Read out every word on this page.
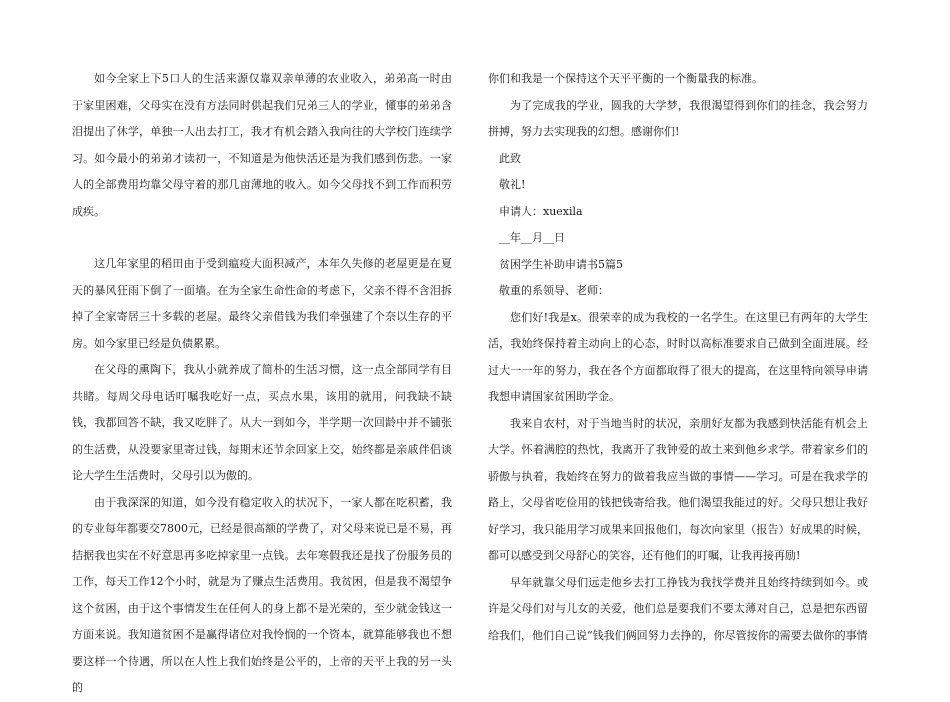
如今全家上下5口人的生活来源仅靠双亲单薄的农业收入，弟弟高一时由于家里困难，父母实在没有方法同时供起我们兄弟三人的学业，懂事的弟弟含泪提出了休学，单独一人出去打工，我才有机会踏入我向往的大学校门连续学习。如今最小的弟弟才读初一，不知道是为他快活还是为我们感到伤悲。一家人的全部费用均靠父母守着的那几亩薄地的收入。如今父母找不到工作而积劳成疾。

这几年家里的稻田由于受到瘟疫大面积减产，本年久失修的老屋更是在夏天的暴风狂雨下倒了一面墙。在为全家生命性命的考虑下，父亲不得不含泪拆掉了全家寄居三十多载的老屋。最终父亲借钱为我们牵强建了个奈以生存的平房。如今家里已经是负债累累。

在父母的熏陶下，我从小就养成了简朴的生活习惯，这一点全部同学有目共睹。每周父母电话叮嘱我吃好一点，买点水果，该用的就用，问我缺不缺钱，我都回答不缺，我又吃胖了。从大一到如今，半学期一次回龄中并不铺张的生活费，从没要家里寄过钱，每期末还节余回家上交，始终都是亲戚伴侣谈论大学生生活费时，父母引以为傲的。

由于我深深的知道，如今没有稳定收入的状况下，一家人都在吃积蓄，我的专业每年都要交7800元，已经是很高额的学费了，对父母来说已是不易，再拮据我也实在不好意思再多吃掉家里一点钱。去年寒假我还是找了份服务员的工作，每天工作12个小时，就是为了赚点生活费用。我贫困，但是我不渴望争这个贫困，由于这个事情发生在任何人的身上都不是光荣的，至少就金钱这一方面来说。我知道贫困不是赢得诸位对我怜悯的一个资本，就算能够我也不想要这样一个待遇，所以在人性上我们始终是公平的，上帝的天平上我的另一头的

你们和我是一个保持这个天平平衡的一个衡量我的标准。

为了完成我的学业，圆我的大学梦，我很渴望得到你们的挂念，我会努力拼搏，努力去实现我的幻想。感谢你们!

此致

敬礼!

申请人：xuexila

__年__月__日

贫困学生补助申请书5篇5

敬重的系领导、老师：

您们好!我是x。很荣幸的成为我校的一名学生。在这里已有两年的大学生活，我始终保持着主动向上的心态，时时以高标准要求自己做到全面进展。经过大一一年的努力，我在各个方面都取得了很大的提高，在这里特向领导申请我想申请国家贫困助学金。

我来自农村，对于当地当时的状况，亲朋好友都为我感到快活能有机会上大学。怀着满腔的热忱，我离开了我钟爱的故土来到他乡求学。带着家乡们的骄傲与执着，我始终在努力的做着我应当做的事情——学习。可是在我求学的路上，父母省吃俭用的钱把钱寄给我。他们渴望我能过的好。父母只想让我好好学习，我只能用学习成果来回报他们，每次向家里（报告）好成果的时候，都可以感受到父母舒心的笑容，还有他们的叮嘱，让我再接再励!

早年就靠父母们远走他乡去打工挣钱为我找学费并且始终持续到如今。或许是父母们对与儿女的关爱，他们总是要我们不要太薄对自己，总是把东西留给我们，他们自己说“钱我们俩回努力去挣的，你尽管按你的需要去做你的事情
